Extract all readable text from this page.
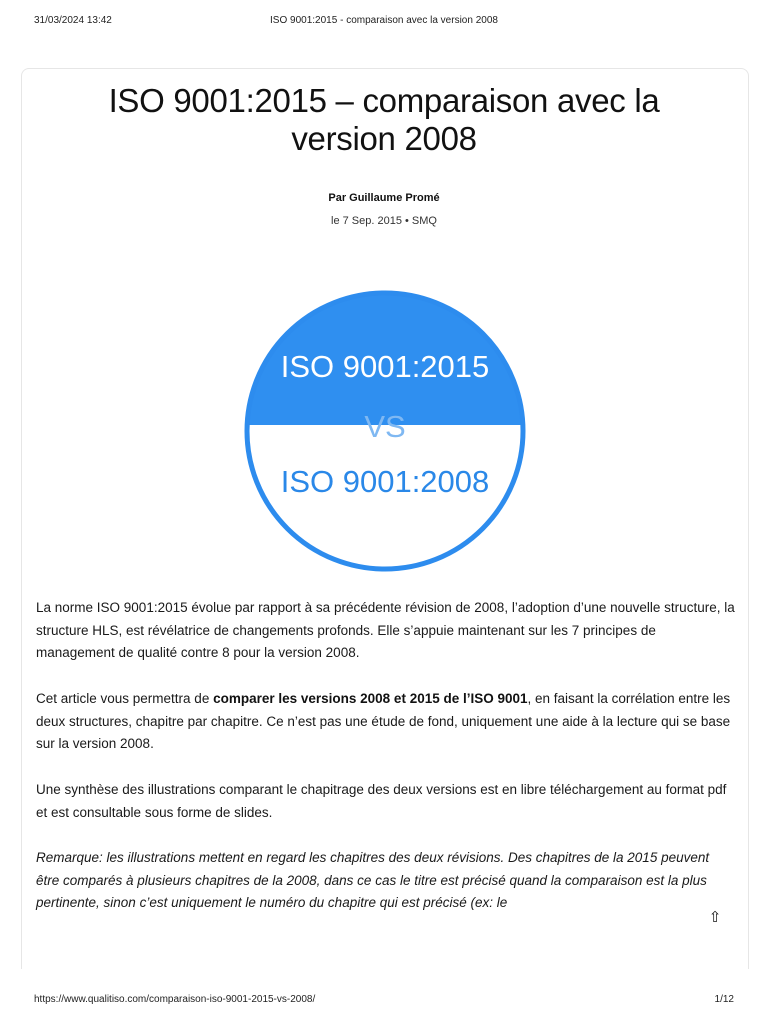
31/03/2024 13:42	ISO 9001:2015 - comparaison avec la version 2008
ISO 9001:2015 – comparaison avec la version 2008
Par Guillaume Promé
le 7 Sep. 2015 • SMQ
ISO 9001:2015
VS
ISO 9001:2008

La norme ISO 9001:2015 évolue par rapport à sa précédente révision de 2008, l’adoption d’une nouvelle structure, la structure HLS, est révélatrice de changements profonds. Elle s’appuie maintenant sur les 7 principes de management de qualité contre 8 pour la version 2008.

Cet article vous permettra de comparer les versions 2008 et 2015 de l’ISO 9001, en faisant la corrélation entre les deux structures, chapitre par chapitre. Ce n’est pas une étude de fond, uniquement une aide à la lecture qui se base sur la version 2008.

Une synthèse des illustrations comparant le chapitrage des deux versions est en libre téléchargement au format pdf et est consultable sous forme de slides.

Remarque: les illustrations mettent en regard les chapitres des deux révisions. Des chapitres de la 2015 peuvent être comparés à plusieurs chapitres de la 2008, dans ce cas le titre est précisé quand la comparaison est la plus pertinente, sinon c’est uniquement le numéro du chapitre qui est précisé (ex: le

⇧
https://www.qualitiso.com/comparaison-iso-9001-2015-vs-2008/	1/12
